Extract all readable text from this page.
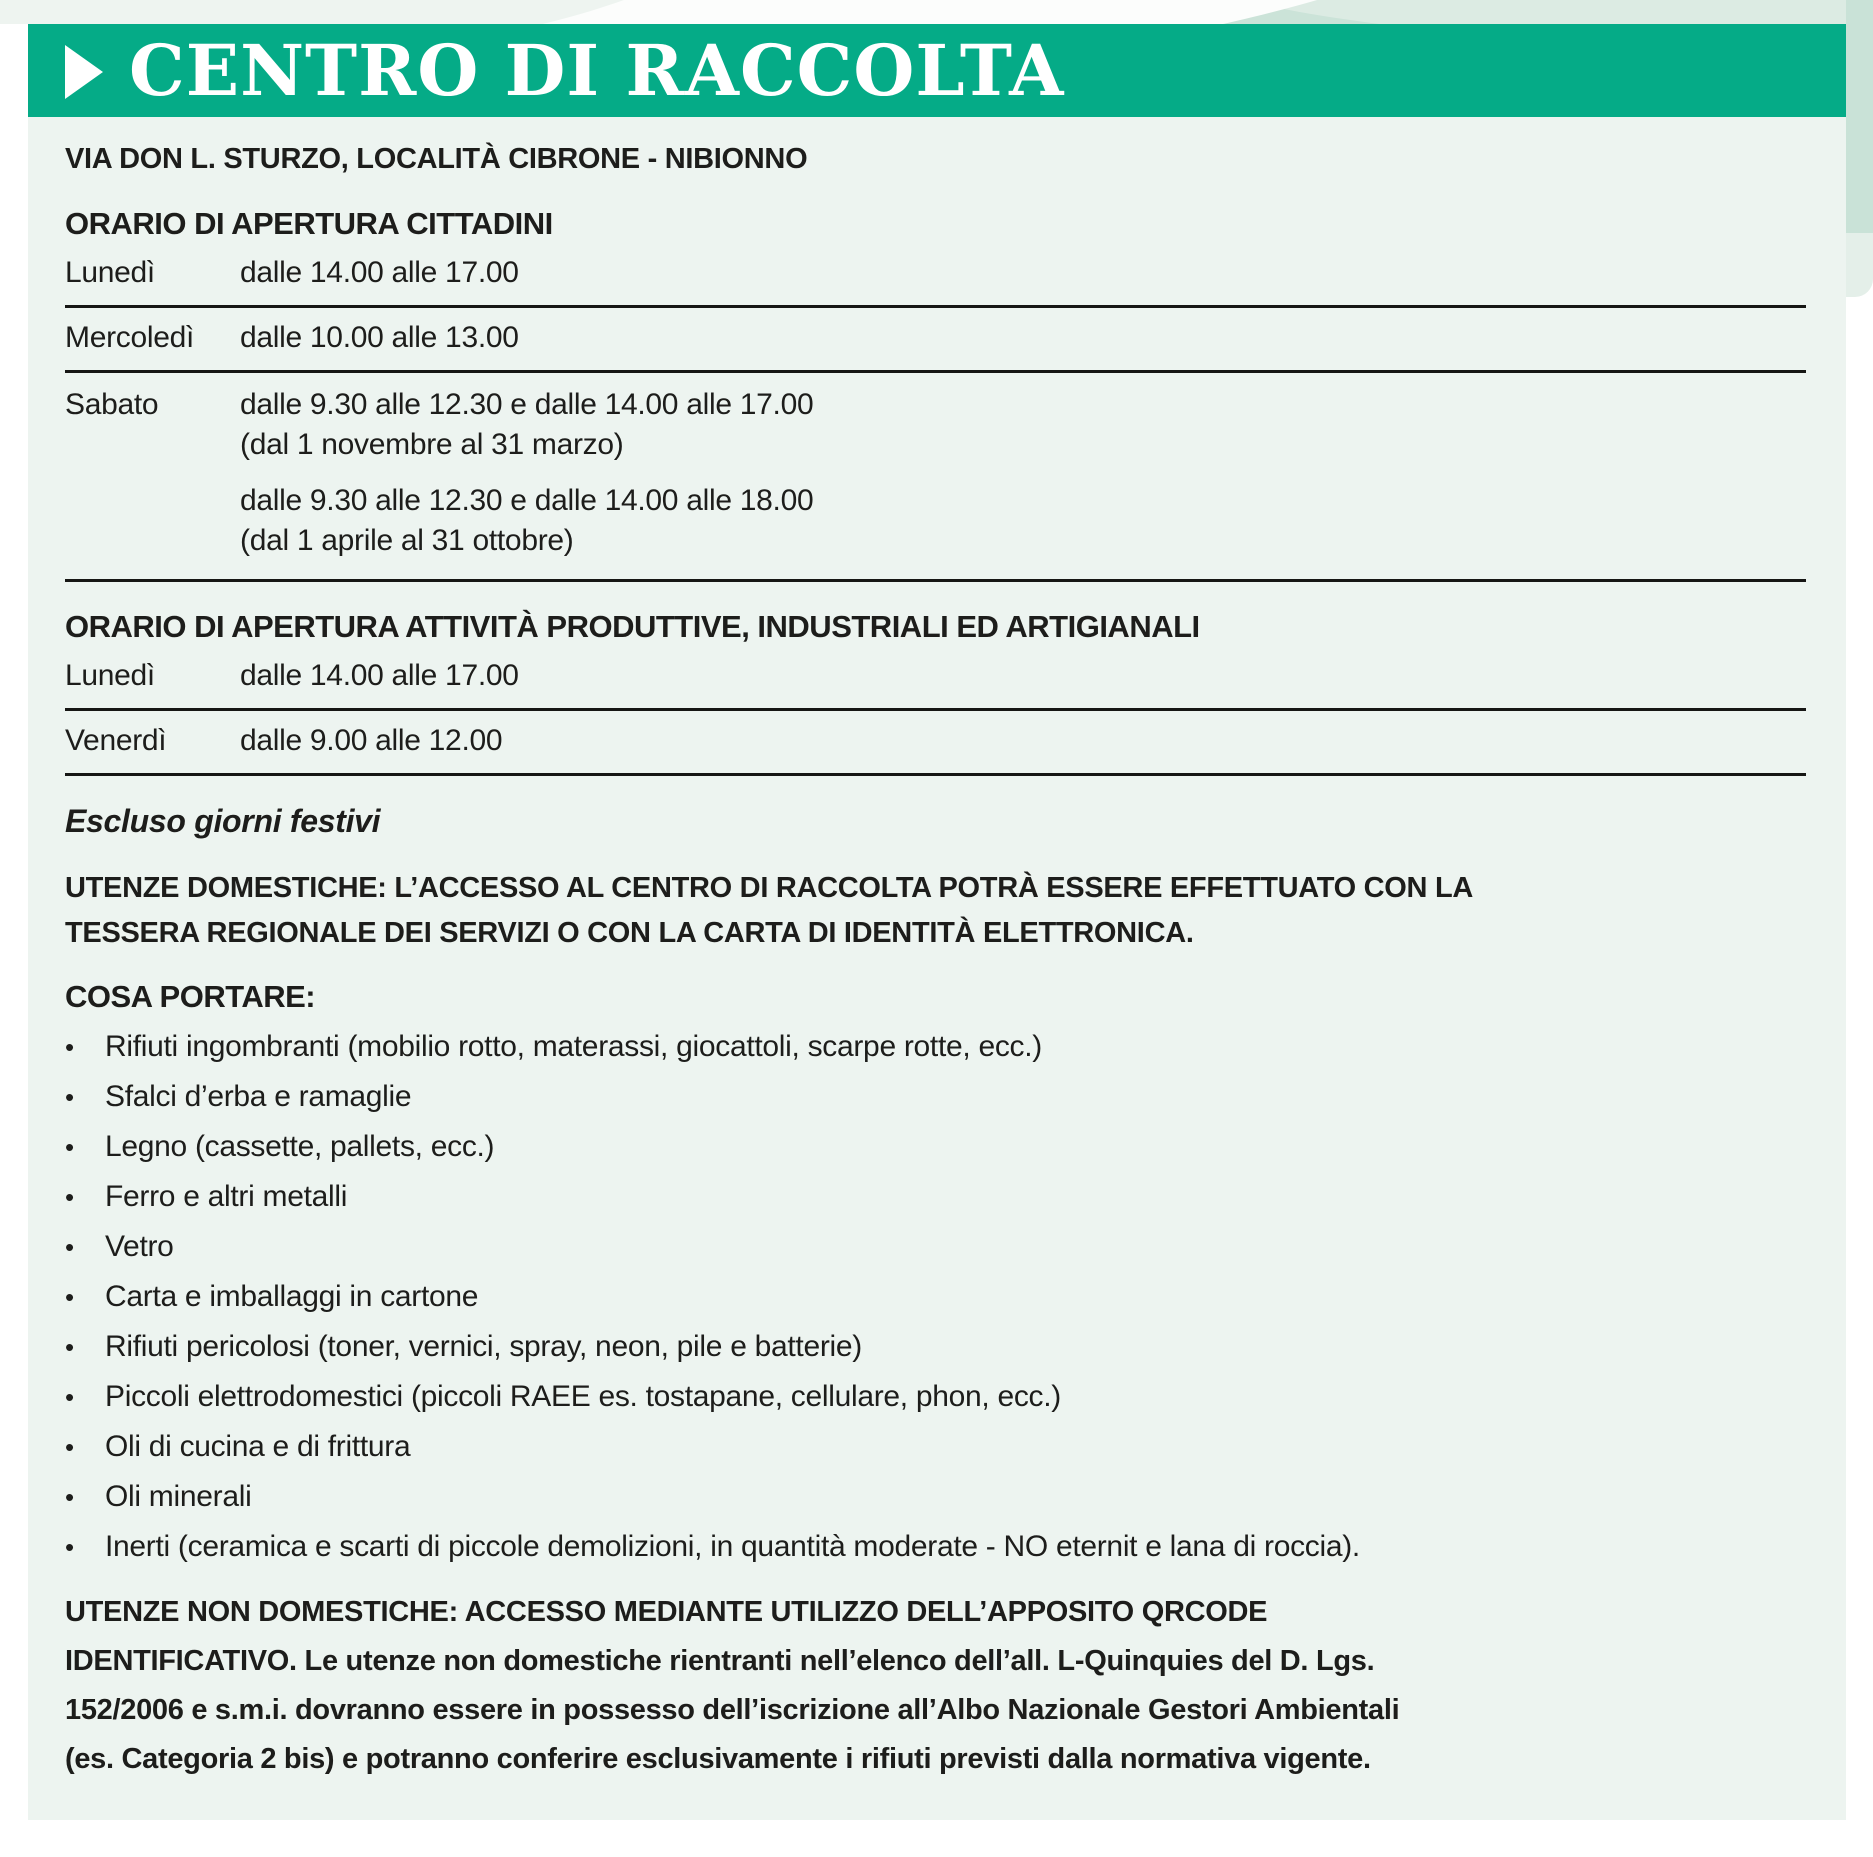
CENTRO DI RACCOLTA
VIA DON L. STURZO, LOCALITÀ CIBRONE - NIBIONNO
ORARIO DI APERTURA CITTADINI
Lunedì	dalle 14.00 alle 17.00
Mercoledì	dalle 10.00 alle 13.00
Sabato	dalle 9.30 alle 12.30 e dalle 14.00 alle 17.00
(dal 1 novembre al 31 marzo)
dalle 9.30 alle 12.30 e dalle 14.00 alle 18.00
(dal 1 aprile al 31 ottobre)
ORARIO DI APERTURA ATTIVITÀ PRODUTTIVE, INDUSTRIALI ED ARTIGIANALI
Lunedì	dalle 14.00 alle 17.00
Venerdì	dalle 9.00 alle 12.00
Escluso giorni festivi
UTENZE DOMESTICHE: L’ACCESSO AL CENTRO DI RACCOLTA POTRÀ ESSERE EFFETTUATO CON LA
TESSERA REGIONALE DEI SERVIZI O CON LA CARTA DI IDENTITÀ ELETTRONICA.
COSA PORTARE:
•	Rifiuti ingombranti (mobilio rotto, materassi, giocattoli, scarpe rotte, ecc.)
•	Sfalci d’erba e ramaglie
•	Legno (cassette, pallets, ecc.)
•	Ferro e altri metalli
•	Vetro
•	Carta e imballaggi in cartone
•	Rifiuti pericolosi (toner, vernici, spray, neon, pile e batterie)
•	Piccoli elettrodomestici (piccoli RAEE es. tostapane, cellulare, phon, ecc.)
•	Oli di cucina e di frittura
•	Oli minerali
•	Inerti (ceramica e scarti di piccole demolizioni, in quantità moderate - NO eternit e lana di roccia).
UTENZE NON DOMESTICHE: ACCESSO MEDIANTE UTILIZZO DELL’APPOSITO QRCODE
IDENTIFICATIVO. Le utenze non domestiche rientranti nell’elenco dell’all. L-Quinquies del D. Lgs.
152/2006 e s.m.i. dovranno essere in possesso dell’iscrizione all’Albo Nazionale Gestori Ambientali
(es. Categoria 2 bis) e potranno conferire esclusivamente i rifiuti previsti dalla normativa vigente.
